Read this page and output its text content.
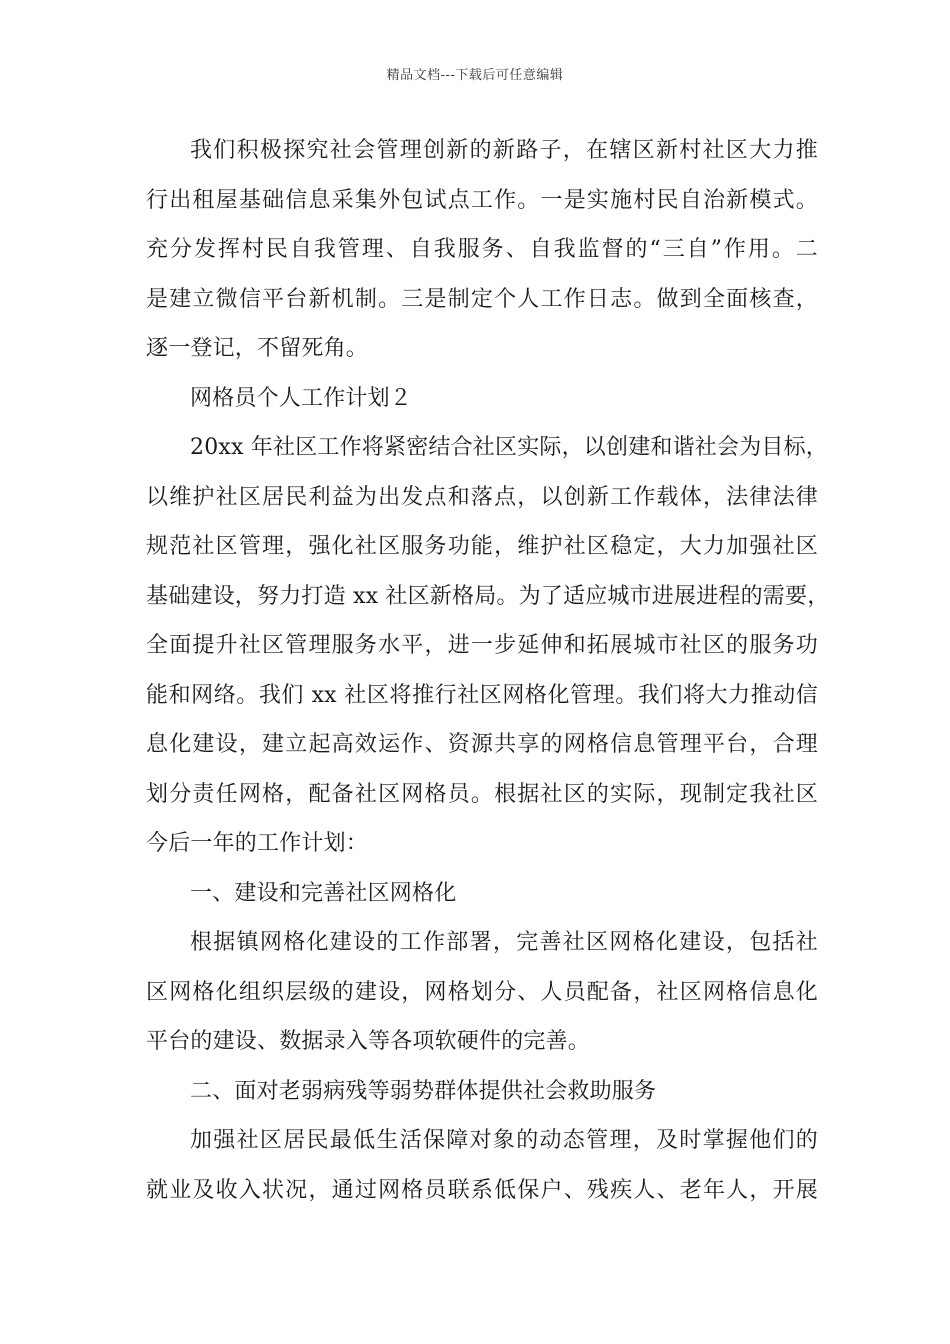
精品文档---下载后可任意编辑
我们积极探究社会管理创新的新路子，在辖区新村社区大力推
行出租屋基础信息采集外包试点工作。一是实施村民自治新模式。
充分发挥村民自我管理、自我服务、自我监督的“三自”作用。二
是建立微信平台新机制。三是制定个人工作日志。做到全面核查，
逐一登记，不留死角。
网格员个人工作计划２
20xx 年社区工作将紧密结合社区实际，以创建和谐社会为目标，
以维护社区居民利益为出发点和落点，以创新工作载体，法律法律
规范社区管理，强化社区服务功能，维护社区稳定，大力加强社区
基础建设，努力打造 xx 社区新格局。为了适应城市进展进程的需要，
全面提升社区管理服务水平，进一步延伸和拓展城市社区的服务功
能和网络。我们 xx 社区将推行社区网格化管理。我们将大力推动信
息化建设，建立起高效运作、资源共享的网格信息管理平台，合理
划分责任网格，配备社区网格员。根据社区的实际，现制定我社区
今后一年的工作计划：
一、建设和完善社区网格化
根据镇网格化建设的工作部署，完善社区网格化建设，包括社
区网格化组织层级的建设，网格划分、人员配备，社区网格信息化
平台的建设、数据录入等各项软硬件的完善。
二、面对老弱病残等弱势群体提供社会救助服务
加强社区居民最低生活保障对象的动态管理，及时掌握他们的
就业及收入状况，通过网格员联系低保户、残疾人、老年人，开展
